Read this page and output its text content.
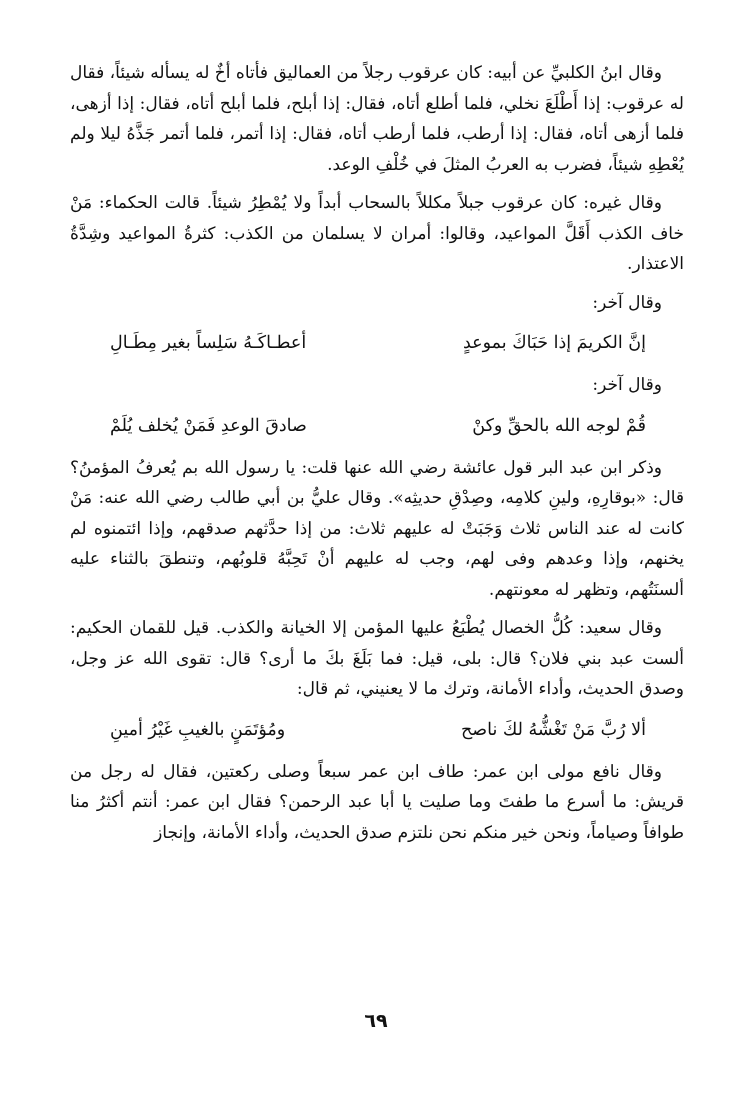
وقال ابنُ الكلبيِّ عن أبيه: كان عرقوب رجلاً من العماليق فأتاه أخٌ له يسأله شيئاً، فقال له عرقوب: إذا أَطْلَعَ نخلي، فلما أطلع أتاه، فقال: إذا أبلح، فلما أبلح أتاه، فقال: إذا أزهى، فلما أزهى أتاه، فقال: إذا أرطب، فلما أرطب أتاه، فقال: إذا أتمر، فلما أتمر جَذَّهُ ليلا ولم يُعْطِهِ شيئاً، فضرب به العربُ المثلَ في خُلْفِ الوعد.

وقال غيره: كان عرقوب جبلاً مكللاً بالسحاب أبداً ولا يُمْطِرُ شيئاً. قالت الحكماء: مَنْ خاف الكذب أَقَلَّ المواعيد، وقالوا: أمران لا يسلمان من الكذب: كثرةُ المواعيد وشِدَّةُ الاعتذار.

وقال آخر:

إنَّ الكريمَ إذا حَبَاكَ بموعدٍ
أعطـاكَـهُ سَلِساً بغير مِطَـالِ

وقال آخر:

قُمْ لوجه الله بالحقِّ وكنْ
صادقَ الوعدِ فَمَنْ يُخلف يُلَمْ

وذكر ابن عبد البر قول عائشة رضي الله عنها قلت: يا رسول الله بم يُعرفُ المؤمنُ؟ قال: «بوقارِهِ، ولينِ كلامِه، وصِدْقِ حديثِه». وقال عليُّ بن أبي طالب رضي الله عنه: مَنْ كانت له عند الناس ثلاث وَجَبَتْ له عليهم ثلاث: من إذا حدَّثهم صدقهم، وإذا ائتمنوه لم يخنهم، وإذا وعدهم وفى لهم، وجب له عليهم أنْ تَحِبَّهُ قلوبُهم، وتنطقَ بالثناء عليه ألسنَتُهم، وتظهر له معونتهم.

وقال سعيد: كُلُّ الخصال يُطْبَعُ عليها المؤمن إلا الخيانة والكذب. قيل للقمان الحكيم: ألست عبد بني فلان؟ قال: بلى، قيل: فما بَلَغَ بكَ ما أرى؟ قال: تقوى الله عز وجل، وصدق الحديث، وأداء الأمانة، وترك ما لا يعنيني، ثم قال:

ألا رُبَّ مَنْ تَغْشُّهُ لكَ ناصح
ومُؤتَمَنٍ بالغيبِ غَيْرُ أمينِ

وقال نافع مولى ابن عمر: طاف ابن عمر سبعاً وصلى ركعتين، فقال له رجل من قريش: ما أسرع ما طفتَ وما صليت يا أبا عبد الرحمن؟ فقال ابن عمر: أنتم أكثرُ منا طوافاً وصياماً، ونحن خير منكم نحن نلتزم صدق الحديث، وأداء الأمانة، وإنجاز

٦٩
